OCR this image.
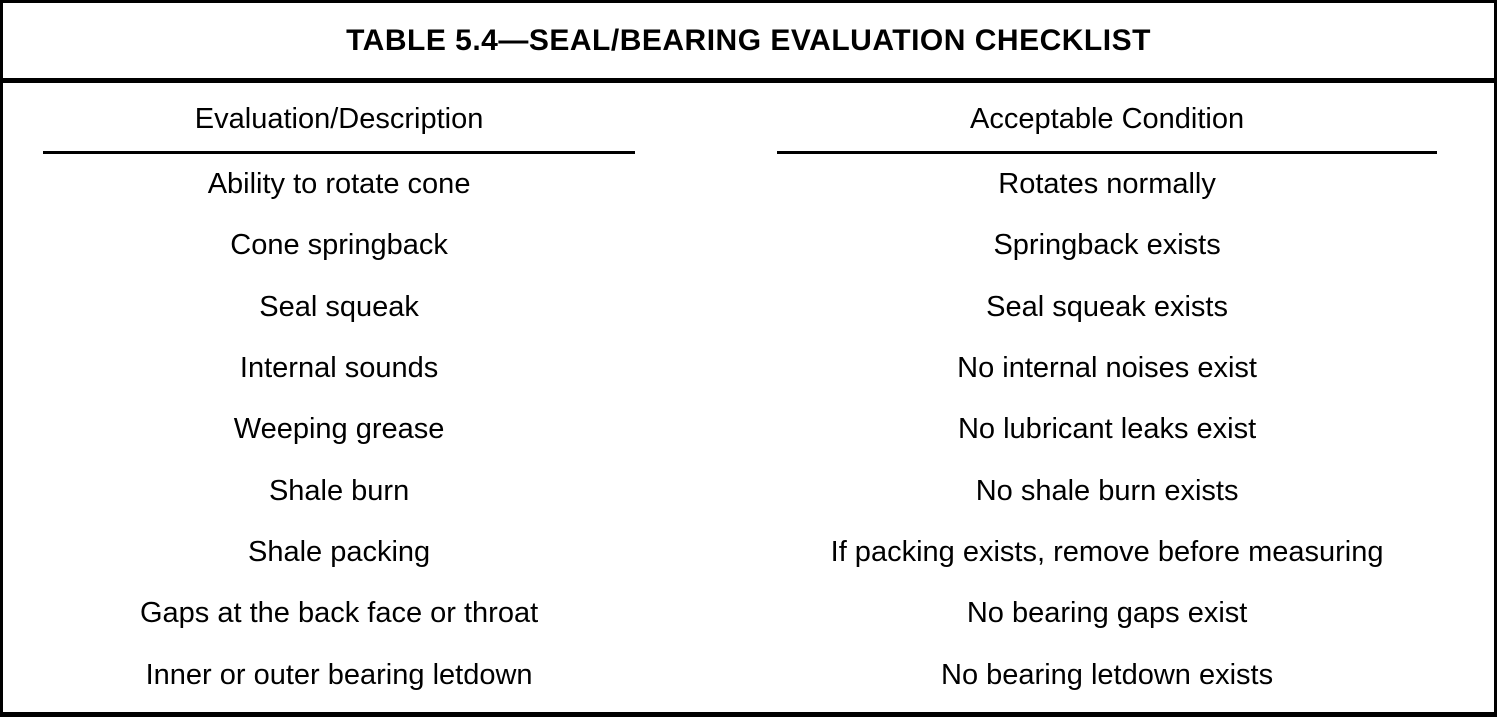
TABLE 5.4—SEAL/BEARING EVALUATION CHECKLIST
Evaluation/Description	Acceptable Condition
Ability to rotate cone	Rotates normally
Cone springback	Springback exists
Seal squeak	Seal squeak exists
Internal sounds	No internal noises exist
Weeping grease	No lubricant leaks exist
Shale burn	No shale burn exists
Shale packing	If packing exists, remove before measuring
Gaps at the back face or throat	No bearing gaps exist
Inner or outer bearing letdown	No bearing letdown exists
